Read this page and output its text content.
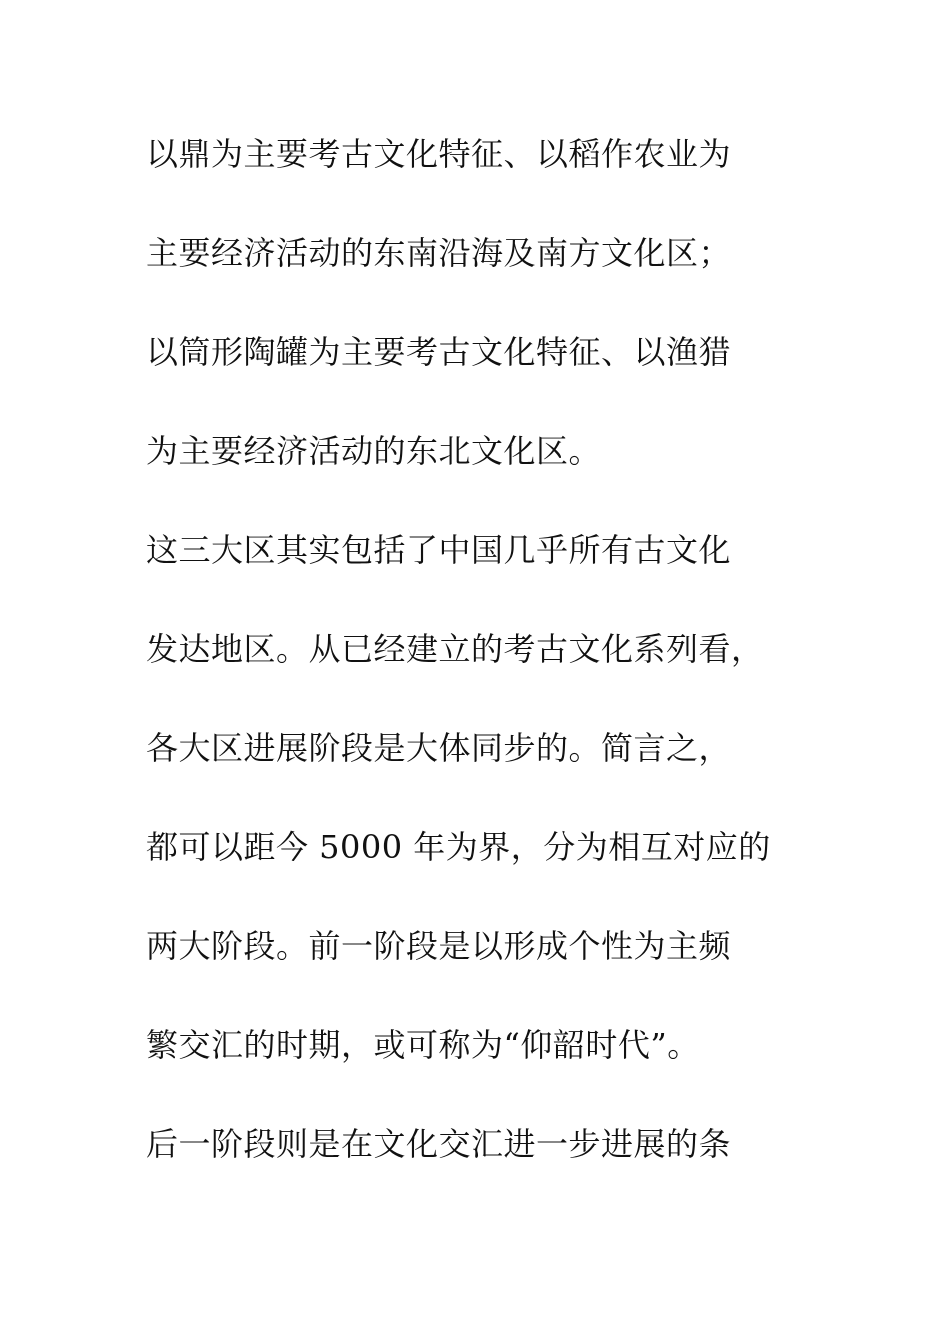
以鼎为主要考古文化特征、以稻作农业为
主要经济活动的东南沿海及南方文化区；
以筒形陶罐为主要考古文化特征、以渔猎
为主要经济活动的东北文化区。
这三大区其实包括了中国几乎所有古文化
发达地区。从已经建立的考古文化系列看，
各大区进展阶段是大体同步的。简言之，
都可以距今 5000 年为界，分为相互对应的
两大阶段。前一阶段是以形成个性为主频
繁交汇的时期，或可称为“仰韶时代”。
后一阶段则是在文化交汇进一步进展的条
